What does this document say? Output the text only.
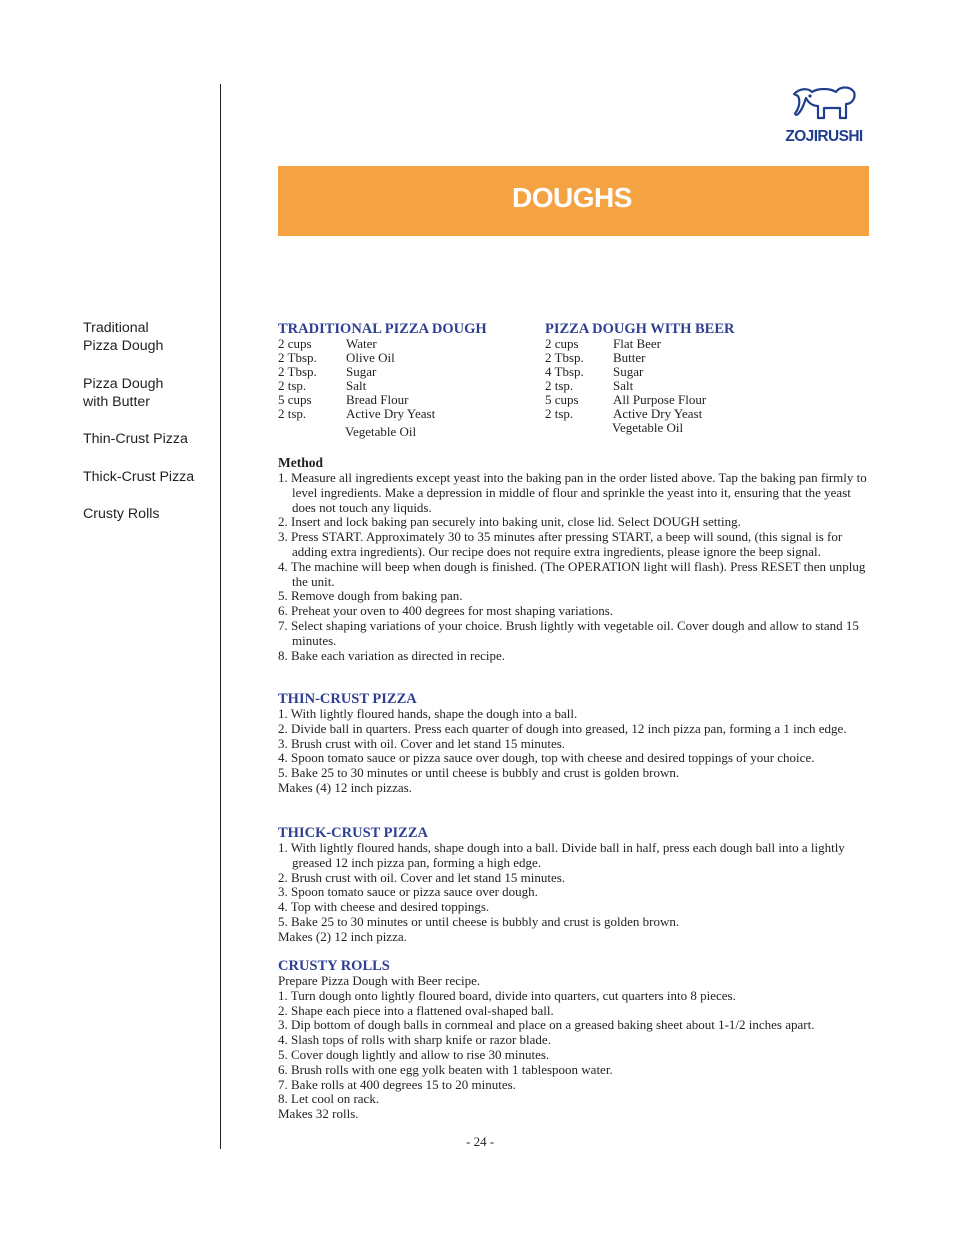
ZOJIRUSHI
DOUGHS
Traditional
Pizza Dough
Pizza Dough
with Butter
Thin-Crust Pizza
Thick-Crust Pizza
Crusty Rolls
TRADITIONAL PIZZA DOUGH
2 cups	Water
2 Tbsp.	Olive Oil
2 Tbsp.	Sugar
2 tsp.	Salt
5 cups	Bread Flour
2 tsp.	Active Dry Yeast
Vegetable Oil
PIZZA DOUGH WITH BEER
2 cups	Flat Beer
2 Tbsp.	Butter
4 Tbsp.	Sugar
2 tsp.	Salt
5 cups	All Purpose Flour
2 tsp.	Active Dry Yeast
Vegetable Oil
Method
1. Measure all ingredients except yeast into the baking pan in the order listed above. Tap the baking pan firmly to level ingredients. Make a depression in middle of flour and sprinkle the yeast into it, ensuring that the yeast does not touch any liquids.
2. Insert and lock baking pan securely into baking unit, close lid. Select DOUGH setting.
3. Press START. Approximately 30 to 35 minutes after pressing START, a beep will sound, (this signal is for adding extra ingredients). Our recipe does not require extra ingredients, please ignore the beep signal.
4. The machine will beep when dough is finished. (The OPERATION light will flash). Press RESET then unplug the unit.
5. Remove dough from baking pan.
6. Preheat your oven to 400 degrees for most shaping variations.
7. Select shaping variations of your choice. Brush lightly with vegetable oil. Cover dough and allow to stand 15 minutes.
8. Bake each variation as directed in recipe.
THIN-CRUST PIZZA
1. With lightly floured hands, shape the dough into a ball.
2. Divide ball in quarters. Press each quarter of dough into greased, 12 inch pizza pan, forming a 1 inch edge.
3. Brush crust with oil. Cover and let stand 15 minutes.
4. Spoon tomato sauce or pizza sauce over dough, top with cheese and desired toppings of your choice.
5. Bake 25 to 30 minutes or until cheese is bubbly and crust is golden brown.
Makes (4) 12 inch pizzas.
THICK-CRUST PIZZA
1. With lightly floured hands, shape dough into a ball. Divide ball in half, press each dough ball into a lightly greased 12 inch pizza pan, forming a high edge.
2. Brush crust with oil. Cover and let stand 15 minutes.
3. Spoon tomato sauce or pizza sauce over dough.
4. Top with cheese and desired toppings.
5. Bake 25 to 30 minutes or until cheese is bubbly and crust is golden brown.
Makes (2) 12 inch pizza.
CRUSTY ROLLS
Prepare Pizza Dough with Beer recipe.
1. Turn dough onto lightly floured board, divide into quarters, cut quarters into 8 pieces.
2. Shape each piece into a flattened oval-shaped ball.
3. Dip bottom of dough balls in cornmeal and place on a greased baking sheet about 1-1/2 inches apart.
4. Slash tops of rolls with sharp knife or razor blade.
5. Cover dough lightly and allow to rise 30 minutes.
6. Brush rolls with one egg yolk beaten with 1 tablespoon water.
7. Bake rolls at 400 degrees 15 to 20 minutes.
8. Let cool on rack.
Makes 32 rolls.
- 24 -
